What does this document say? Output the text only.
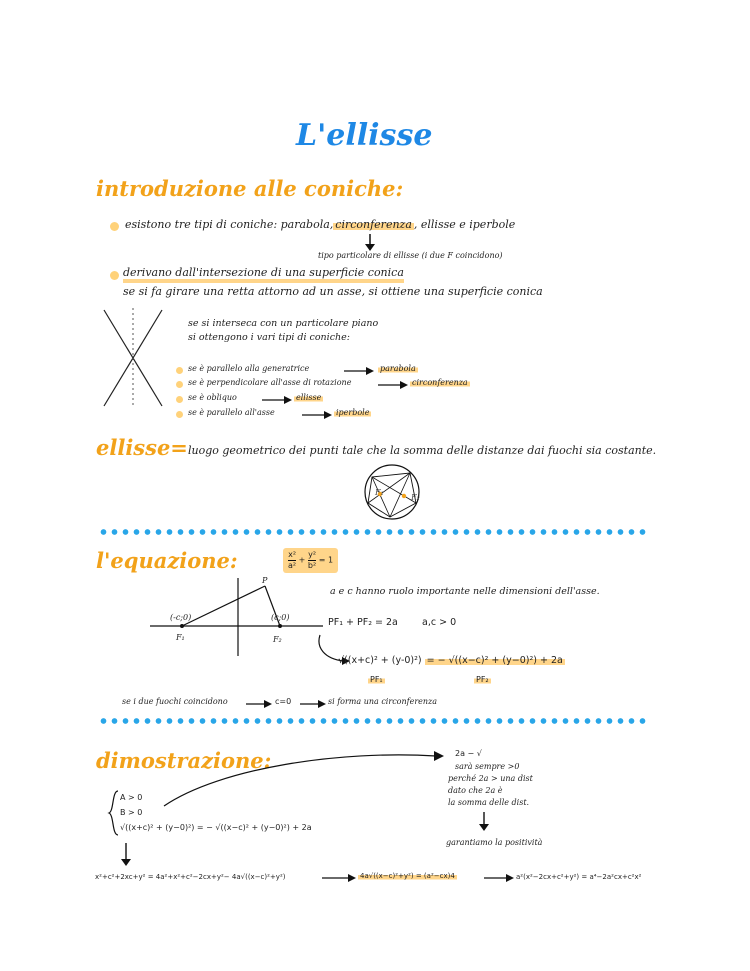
L'ellisse
introduzione alle coniche:
esistono tre tipi di coniche: parabola, circonferenza , ellisse e iperbole
tipo particolare di ellisse (i due F coincidono)
derivano dall'intersezione di una superficie conica
se si fa girare una retta attorno ad un asse, si ottiene una superficie conica
se si interseca con un particolare piano
si ottengono i vari tipi di coniche:
se è parallelo alla generatrice	parabola
se è perpendicolare all'asse di rotazione	circonferenza
se è obliquo	ellisse
se è parallelo all'asse	iperbole
ellisse= luogo geometrico dei punti tale che la somma delle distanze dai fuochi sia costante.
F₁
F₂
l'equazione:	$\frac{\text{x²}}{\text{a²}} + \frac{\text{y²}}{\text{b²}} = 1$
P
(-c;0)	(c;0)
F₁	F₂
a e c hanno ruolo importante nelle dimensioni dell'asse.
PF₁ + PF₂ = 2a	a,c > 0
√((x+c)² + (y-0)²) = − √((x−c)² + (y−0)²) + 2a
PF₁	PF₂
se i due fuochi coincidono	c=0	si forma una circonferenza
dimostrazione:	2a − √
sarà sempre >0
perché 2a > una dist
dato che 2a è
la somma delle dist.
garantiamo la positività
A > 0
B > 0
√((x+c)² + (y−0)²) = − √((x−c)² + (y−0)²) + 2a
x²+c²+2xc+y² = 4a²+x²+c²−2cx+y²− 4a√((x−c)²+y²)	4a√((x−c)²+y²) = (a²−cx)4	a²(x²−2cx+c²+y²) = a⁴−2a²cx+c²x²
